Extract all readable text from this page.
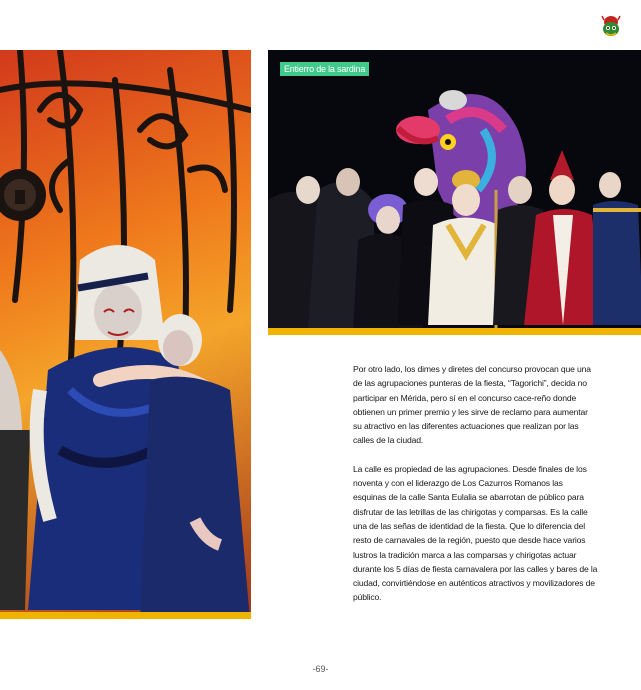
Entierro de la sardina

Por otro lado, los dimes y diretes del concurso provocan que una de las agrupaciones punteras de la fiesta, “Tagorichi”, decida no participar en Mérida, pero sí en el concurso cace-reño donde obtienen un primer premio y les sirve de reclamo para aumentar su atractivo en las diferentes actuaciones que realizan por las calles de la ciudad.

La calle es propiedad de las agrupaciones. Desde finales de los noventa y con el liderazgo de Los Cazurros Romanos las esquinas de la calle Santa Eulalia se abarrotan de público para disfrutar de las letrillas de las chirigotas y comparsas. Es la calle una de las señas de identidad de la fiesta. Que lo diferencia del resto de carnavales de la región, puesto que desde hace varios lustros la tradición marca a las comparsas y chirigotas actuar durante los 5 días de fiesta carnavalera por las calles y bares de la ciudad, convirtiéndose en auténticos atractivos y movilizadores de público.

-69-
